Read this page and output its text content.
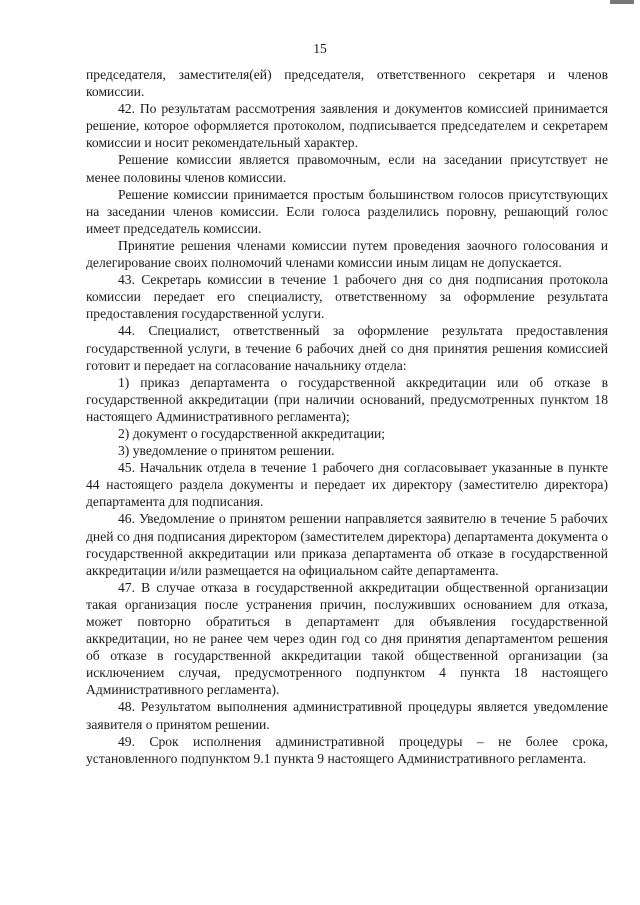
15

председателя, заместителя(ей) председателя, ответственного секретаря и членов комиссии.

42. По результатам рассмотрения заявления и документов комиссией принимается решение, которое оформляется протоколом, подписывается председателем и секретарем комиссии и носит рекомендательный характер.

Решение комиссии является правомочным, если на заседании присутствует не менее половины членов комиссии.

Решение комиссии принимается простым большинством голосов присутствующих на заседании членов комиссии. Если голоса разделились поровну, решающий голос имеет председатель комиссии.

Принятие решения членами комиссии путем проведения заочного голосования и делегирование своих полномочий членами комиссии иным лицам не допускается.

43. Секретарь комиссии в течение 1 рабочего дня со дня подписания протокола комиссии передает его специалисту, ответственному за оформление результата предоставления государственной услуги.

44. Специалист, ответственный за оформление результата предоставления государственной услуги, в течение 6 рабочих дней со дня принятия решения комиссией готовит и передает на согласование начальнику отдела:

1) приказ департамента о государственной аккредитации или об отказе в государственной аккредитации (при наличии оснований, предусмотренных пунктом 18 настоящего Административного регламента);

2) документ о государственной аккредитации;

3) уведомление о принятом решении.

45. Начальник отдела в течение 1 рабочего дня согласовывает указанные в пункте 44 настоящего раздела документы и передает их директору (заместителю директора) департамента для подписания.

46. Уведомление о принятом решении направляется заявителю в течение 5 рабочих дней со дня подписания директором (заместителем директора) департамента документа о государственной аккредитации или приказа департамента об отказе в государственной аккредитации и/или размещается на официальном сайте департамента.

47. В случае отказа в государственной аккредитации общественной организации такая организация после устранения причин, послуживших основанием для отказа, может повторно обратиться в департамент для объявления государственной аккредитации, но не ранее чем через один год со дня принятия департаментом решения об отказе в государственной аккредитации такой общественной организации (за исключением случая, предусмотренного подпунктом 4 пункта 18 настоящего Административного регламента).

48. Результатом выполнения административной процедуры является уведомление заявителя о принятом решении.

49. Срок исполнения административной процедуры – не более срока, установленного подпунктом 9.1 пункта 9 настоящего Административного регламента.
